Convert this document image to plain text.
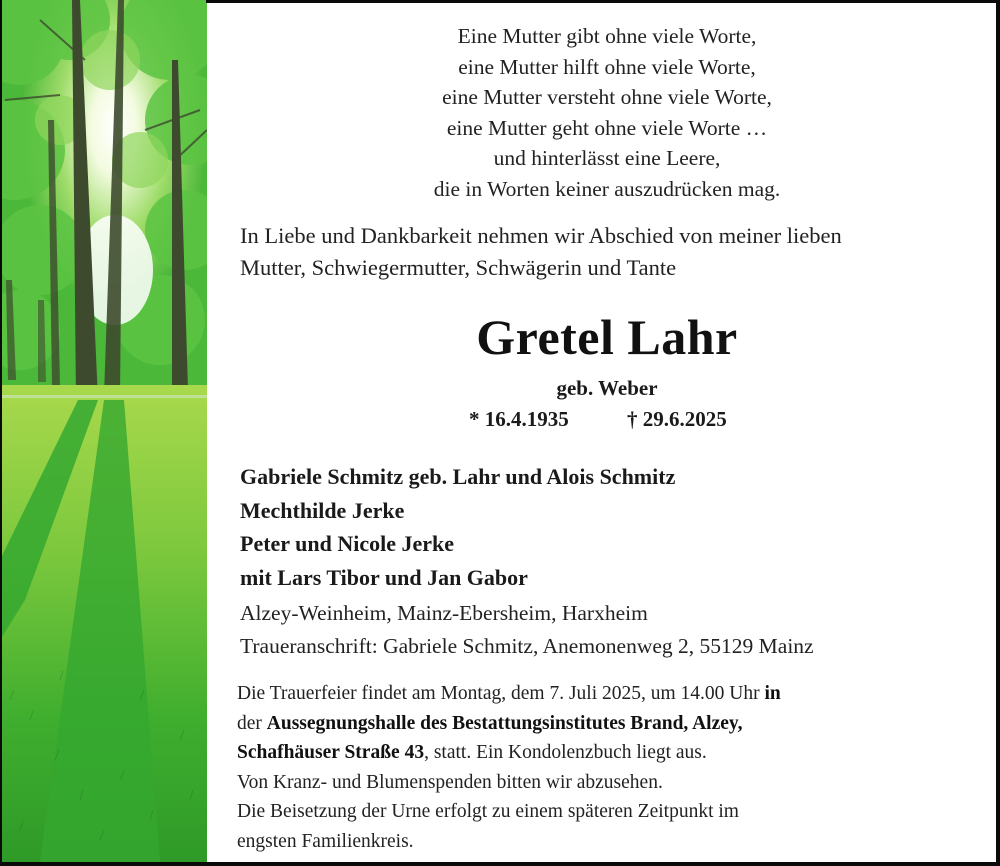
Eine Mutter gibt ohne viele Worte,
eine Mutter hilft ohne viele Worte,
eine Mutter versteht ohne viele Worte,
eine Mutter geht ohne viele Worte …
und hinterlässt eine Leere,
die in Worten keiner auszudrücken mag.
In Liebe und Dankbarkeit nehmen wir Abschied von meiner lieben
Mutter, Schwiegermutter, Schwägerin und Tante
Gretel Lahr
geb. Weber
* 16.4.1935	† 29.6.2025
Gabriele Schmitz geb. Lahr und Alois Schmitz
Mechthilde Jerke
Peter und Nicole Jerke
mit Lars Tibor und Jan Gabor
Alzey-Weinheim, Mainz-Ebersheim, Harxheim
Traueranschrift: Gabriele Schmitz, Anemonenweg 2, 55129 Mainz
Die Trauerfeier findet am Montag, dem 7. Juli 2025, um 14.00 Uhr in
der Aussegnungshalle des Bestattungsinstitutes Brand, Alzey,
Schafhäuser Straße 43, statt. Ein Kondolenzbuch liegt aus.
Von Kranz- und Blumenspenden bitten wir abzusehen.
Die Beisetzung der Urne erfolgt zu einem späteren Zeitpunkt im
engsten Familienkreis.
